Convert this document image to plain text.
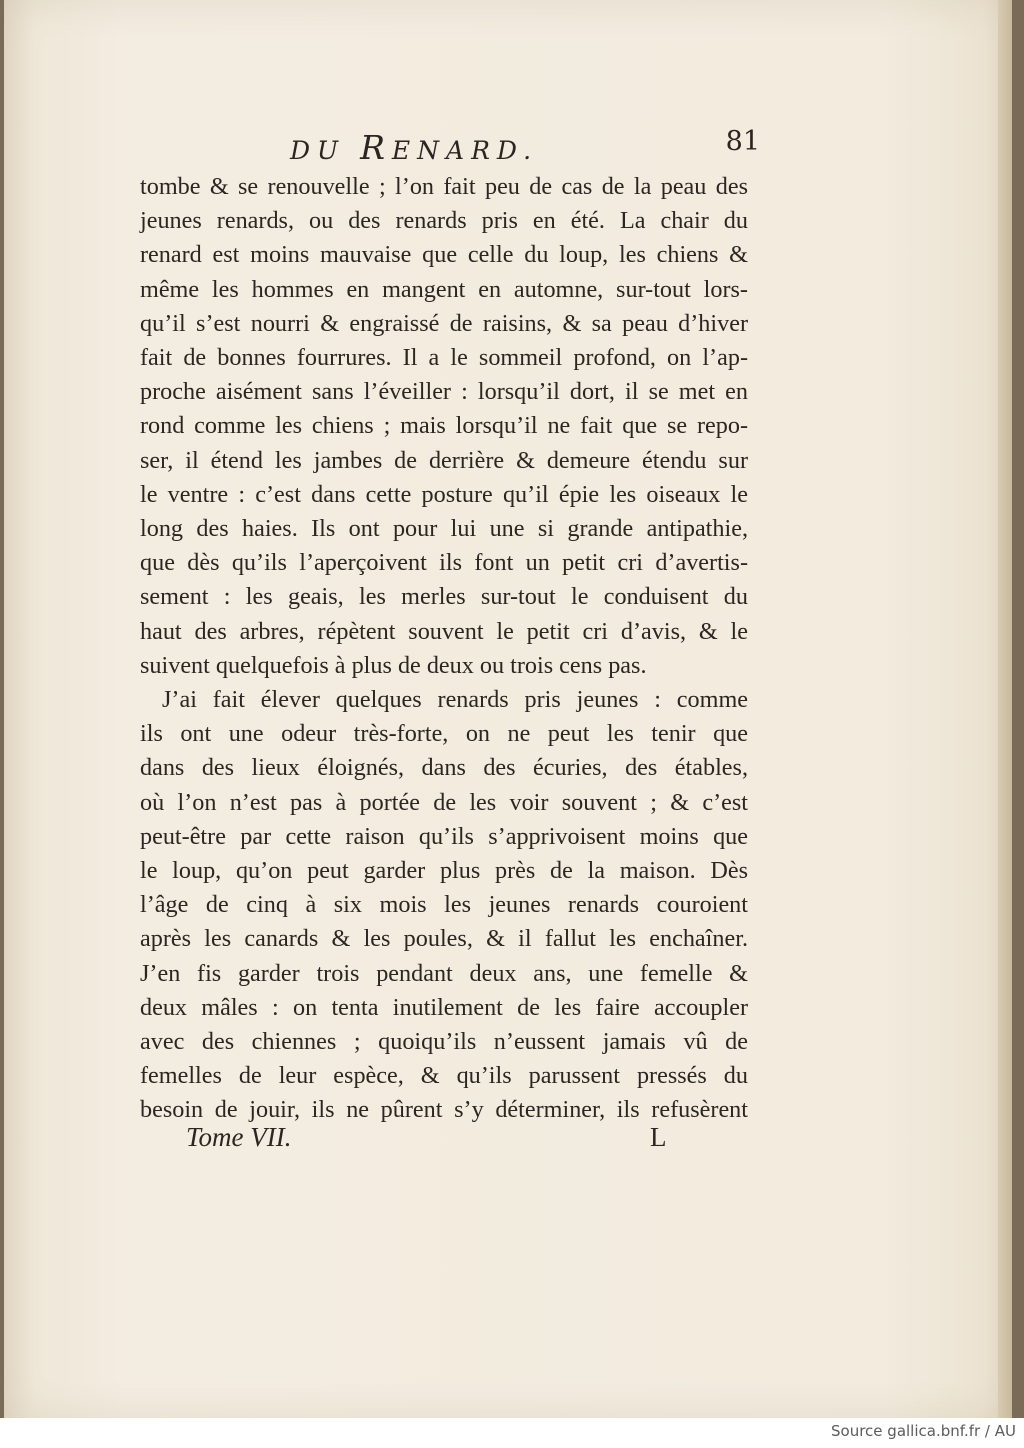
DU RENARD.	81
tombe & se renouvelle ; l’on fait peu de cas de la peau des
jeunes renards, ou des renards pris en été. La chair du
renard est moins mauvaise que celle du loup, les chiens &
même les hommes en mangent en automne, sur-tout lors-
qu’il s’est nourri & engraissé de raisins, & sa peau d’hiver
fait de bonnes fourrures. Il a le sommeil profond, on l’ap-
proche aisément sans l’éveiller : lorsqu’il dort, il se met en
rond comme les chiens ; mais lorsqu’il ne fait que se repo-
ser, il étend les jambes de derrière & demeure étendu sur
le ventre : c’est dans cette posture qu’il épie les oiseaux le
long des haies. Ils ont pour lui une si grande antipathie,
que dès qu’ils l’aperçoivent ils font un petit cri d’avertis-
sement : les geais, les merles sur-tout le conduisent du
haut des arbres, répètent souvent le petit cri d’avis, & le
suivent quelquefois à plus de deux ou trois cens pas.
J’ai fait élever quelques renards pris jeunes : comme
ils ont une odeur très-forte, on ne peut les tenir que
dans des lieux éloignés, dans des écuries, des étables,
où l’on n’est pas à portée de les voir souvent ; & c’est
peut-être par cette raison qu’ils s’apprivoisent moins que
le loup, qu’on peut garder plus près de la maison. Dès
l’âge de cinq à six mois les jeunes renards couroient
après les canards & les poules, & il fallut les enchaîner.
J’en fis garder trois pendant deux ans, une femelle &
deux mâles : on tenta inutilement de les faire accoupler
avec des chiennes ; quoiqu’ils n’eussent jamais vû de
femelles de leur espèce, & qu’ils parussent pressés du
besoin de jouir, ils ne pûrent s’y déterminer, ils refusèrent
Tome VII.	L
Source gallica.bnf.fr / AU
